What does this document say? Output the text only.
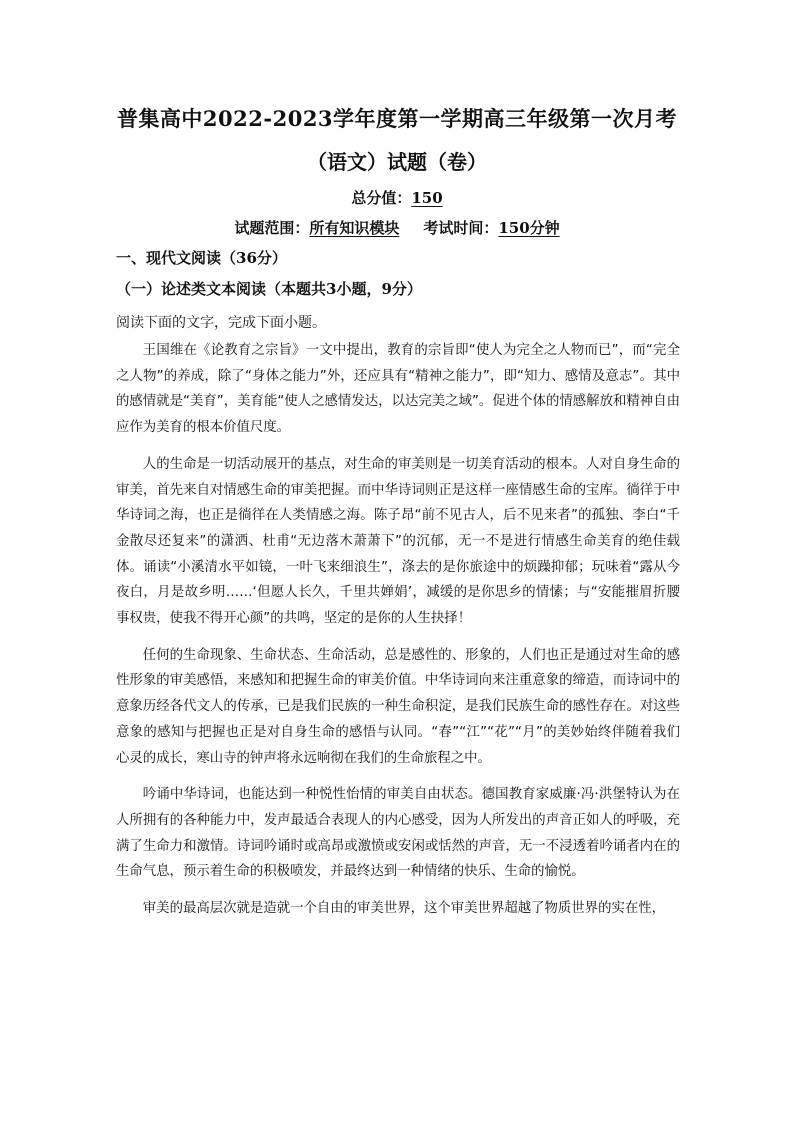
普集高中2022-2023学年度第一学期高三年级第一次月考
（语文）试题（卷）
总分值：150
试题范围：所有知识模块 考试时间：150分钟
一、现代文阅读（36分）
（一）论述类文本阅读（本题共3小题，9分）
阅读下面的文字，完成下面小题。

王国维在《论教育之宗旨》一文中提出，教育的宗旨即“使人为完全之人物而已”，而“完全之人物”的养成，除了“身体之能力”外，还应具有“精神之能力”，即“知力、感情及意志”。其中的感情就是“美育”，美育能“使人之感情发达，以达完美之域”。促进个体的情感解放和精神自由应作为美育的根本价值尺度。

人的生命是一切活动展开的基点，对生命的审美则是一切美育活动的根本。人对自身生命的审美，首先来自对情感生命的审美把握。而中华诗词则正是这样一座情感生命的宝库。徜徉于中华诗词之海，也正是徜徉在人类情感之海。陈子昂“前不见古人，后不见来者”的孤独、李白“千金散尽还复来”的潇洒、杜甫“无边落木萧萧下”的沉郁，无一不是进行情感生命美育的绝佳载体。诵读“小溪清水平如镜，一叶飞来细浪生”，涤去的是你旅途中的烦躁抑郁；玩味着“露从今夜白，月是故乡明……‘但愿人长久，千里共婵娟’，减缓的是你思乡的情愫；与“安能摧眉折腰事权贵，使我不得开心颜”的共鸣，坚定的是你的人生抉择！

任何的生命现象、生命状态、生命活动，总是感性的、形象的，人们也正是通过对生命的感性形象的审美感悟，来感知和把握生命的审美价值。中华诗词向来注重意象的缔造，而诗词中的意象历经各代文人的传承，已是我们民族的一种生命积淀，是我们民族生命的感性存在。对这些意象的感知与把握也正是对自身生命的感悟与认同。“春”“江”“花”“月”的美妙始终伴随着我们心灵的成长，寒山寺的钟声将永远响彻在我们的生命旅程之中。

吟诵中华诗词，也能达到一种悦性怡情的审美自由状态。德国教育家威廉·冯·洪堡特认为在人所拥有的各种能力中，发声最适合表现人的内心感受，因为人所发出的声音正如人的呼吸，充满了生命力和激情。诗词吟诵时或高昂或激愤或安闲或恬然的声音，无一不浸透着吟诵者内在的生命气息，预示着生命的积极喷发，并最终达到一种情绪的快乐、生命的愉悦。

审美的最高层次就是造就一个自由的审美世界，这个审美世界超越了物质世界的实在性，
